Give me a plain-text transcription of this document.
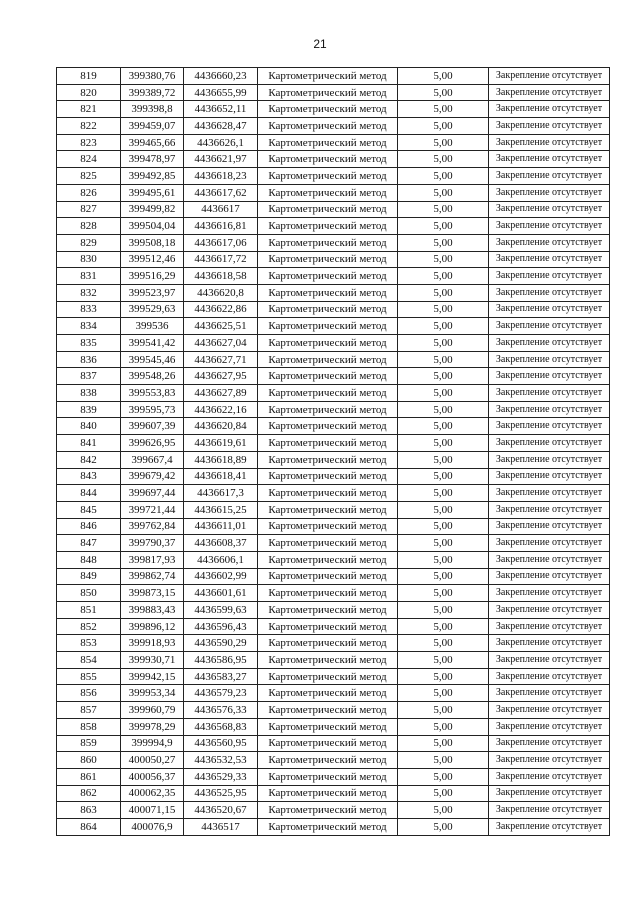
21
819	399380,76	4436660,23	Картометрический метод	5,00	Закрепление отсутствует
820	399389,72	4436655,99	Картометрический метод	5,00	Закрепление отсутствует
821	399398,8	4436652,11	Картометрический метод	5,00	Закрепление отсутствует
822	399459,07	4436628,47	Картометрический метод	5,00	Закрепление отсутствует
823	399465,66	4436626,1	Картометрический метод	5,00	Закрепление отсутствует
824	399478,97	4436621,97	Картометрический метод	5,00	Закрепление отсутствует
825	399492,85	4436618,23	Картометрический метод	5,00	Закрепление отсутствует
826	399495,61	4436617,62	Картометрический метод	5,00	Закрепление отсутствует
827	399499,82	4436617	Картометрический метод	5,00	Закрепление отсутствует
828	399504,04	4436616,81	Картометрический метод	5,00	Закрепление отсутствует
829	399508,18	4436617,06	Картометрический метод	5,00	Закрепление отсутствует
830	399512,46	4436617,72	Картометрический метод	5,00	Закрепление отсутствует
831	399516,29	4436618,58	Картометрический метод	5,00	Закрепление отсутствует
832	399523,97	4436620,8	Картометрический метод	5,00	Закрепление отсутствует
833	399529,63	4436622,86	Картометрический метод	5,00	Закрепление отсутствует
834	399536	4436625,51	Картометрический метод	5,00	Закрепление отсутствует
835	399541,42	4436627,04	Картометрический метод	5,00	Закрепление отсутствует
836	399545,46	4436627,71	Картометрический метод	5,00	Закрепление отсутствует
837	399548,26	4436627,95	Картометрический метод	5,00	Закрепление отсутствует
838	399553,83	4436627,89	Картометрический метод	5,00	Закрепление отсутствует
839	399595,73	4436622,16	Картометрический метод	5,00	Закрепление отсутствует
840	399607,39	4436620,84	Картометрический метод	5,00	Закрепление отсутствует
841	399626,95	4436619,61	Картометрический метод	5,00	Закрепление отсутствует
842	399667,4	4436618,89	Картометрический метод	5,00	Закрепление отсутствует
843	399679,42	4436618,41	Картометрический метод	5,00	Закрепление отсутствует
844	399697,44	4436617,3	Картометрический метод	5,00	Закрепление отсутствует
845	399721,44	4436615,25	Картометрический метод	5,00	Закрепление отсутствует
846	399762,84	4436611,01	Картометрический метод	5,00	Закрепление отсутствует
847	399790,37	4436608,37	Картометрический метод	5,00	Закрепление отсутствует
848	399817,93	4436606,1	Картометрический метод	5,00	Закрепление отсутствует
849	399862,74	4436602,99	Картометрический метод	5,00	Закрепление отсутствует
850	399873,15	4436601,61	Картометрический метод	5,00	Закрепление отсутствует
851	399883,43	4436599,63	Картометрический метод	5,00	Закрепление отсутствует
852	399896,12	4436596,43	Картометрический метод	5,00	Закрепление отсутствует
853	399918,93	4436590,29	Картометрический метод	5,00	Закрепление отсутствует
854	399930,71	4436586,95	Картометрический метод	5,00	Закрепление отсутствует
855	399942,15	4436583,27	Картометрический метод	5,00	Закрепление отсутствует
856	399953,34	4436579,23	Картометрический метод	5,00	Закрепление отсутствует
857	399960,79	4436576,33	Картометрический метод	5,00	Закрепление отсутствует
858	399978,29	4436568,83	Картометрический метод	5,00	Закрепление отсутствует
859	399994,9	4436560,95	Картометрический метод	5,00	Закрепление отсутствует
860	400050,27	4436532,53	Картометрический метод	5,00	Закрепление отсутствует
861	400056,37	4436529,33	Картометрический метод	5,00	Закрепление отсутствует
862	400062,35	4436525,95	Картометрический метод	5,00	Закрепление отсутствует
863	400071,15	4436520,67	Картометрический метод	5,00	Закрепление отсутствует
864	400076,9	4436517	Картометрический метод	5,00	Закрепление отсутствует
